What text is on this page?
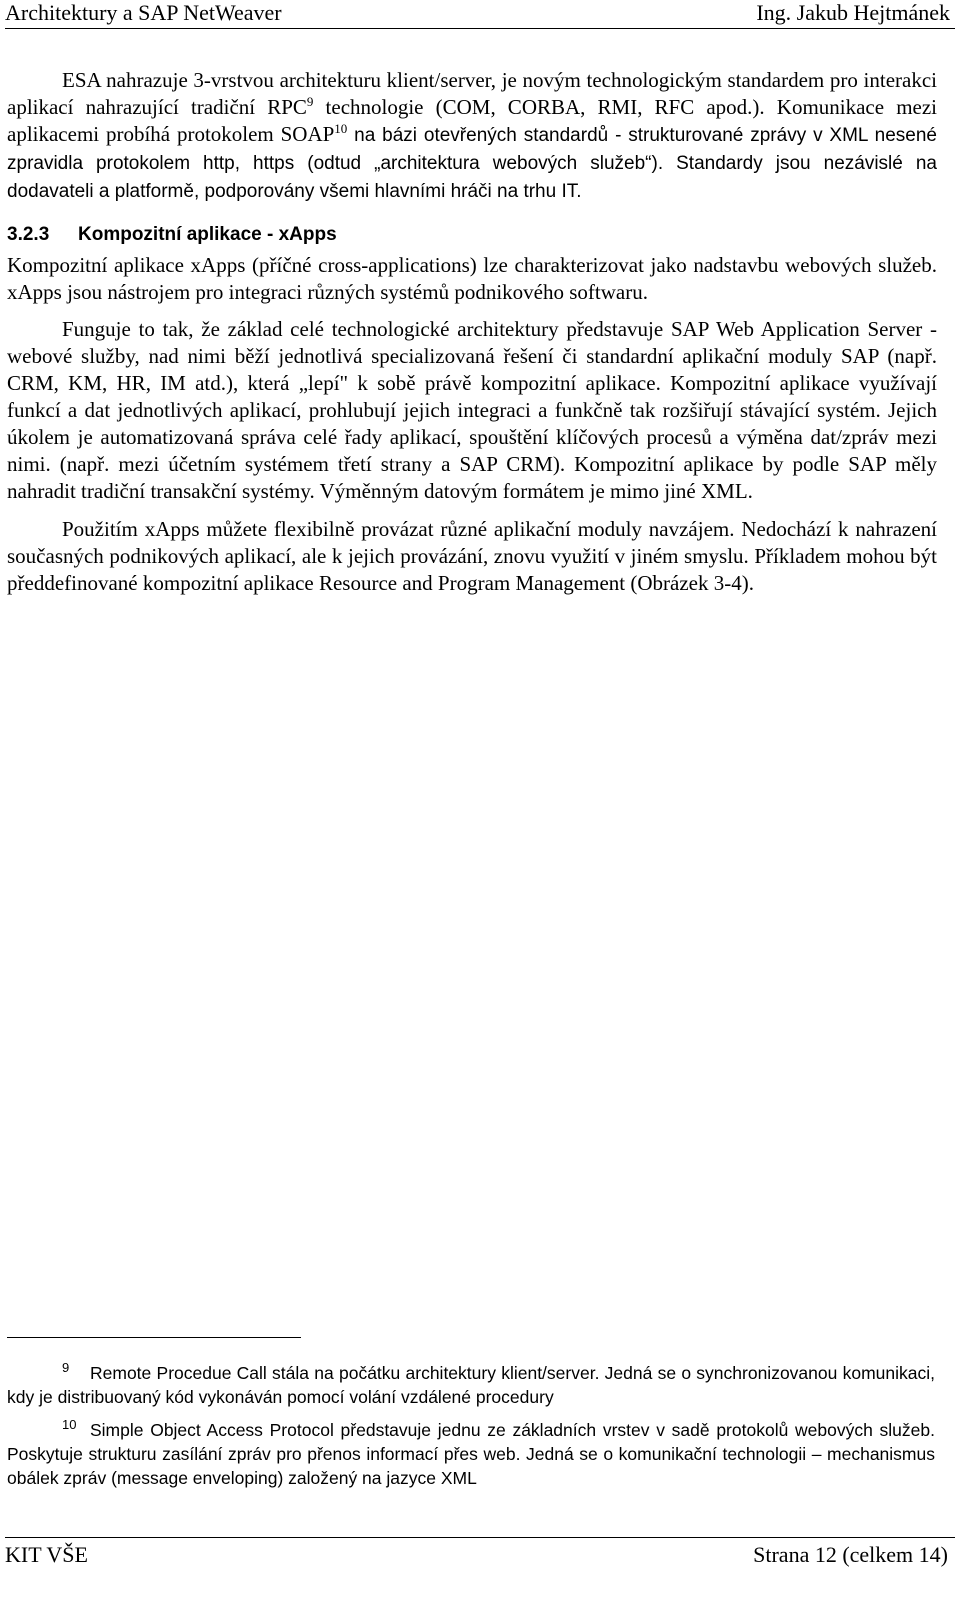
Architektury a SAP NetWeaver	Ing. Jakub Hejtmánek

ESA nahrazuje 3-vrstvou architekturu klient/server, je novým technologickým standardem pro interakci aplikací nahrazující tradiční RPC$^9$ technologie (COM, CORBA, RMI, RFC apod.). Komunikace mezi aplikacemi probíhá protokolem SOAP$^{10}$ na bázi otevřených standardů - strukturované zprávy v XML nesené zpravidla protokolem http, https (odtud „architektura webových služeb“). Standardy jsou nezávislé na dodavateli a platformě, podporovány všemi hlavními hráči na trhu IT.

3.2.3 Kompozitní aplikace - xApps

Kompozitní aplikace xApps (příčné cross-applications) lze charakterizovat jako nadstavbu webových služeb. xApps jsou nástrojem pro integraci různých systémů podnikového softwaru.

Funguje to tak, že základ celé technologické architektury představuje SAP Web Application Server - webové služby, nad nimi běží jednotlivá specializovaná řešení či standardní aplikační moduly SAP (např. CRM, KM, HR, IM atd.), která „lepí" k sobě právě kompozitní aplikace. Kompozitní aplikace využívají funkcí a dat jednotlivých aplikací, prohlubují jejich integraci a funkčně tak rozšiřují stávající systém. Jejich úkolem je automatizovaná správa celé řady aplikací, spouštění klíčových procesů a výměna dat/zpráv mezi nimi. (např. mezi účetním systémem třetí strany a SAP CRM). Kompozitní aplikace by podle SAP měly nahradit tradiční transakční systémy. Výměnným datovým formátem je mimo jiné XML.

Použitím xApps můžete flexibilně provázat různé aplikační moduly navzájem. Nedochází k nahrazení současných podnikových aplikací, ale k jejich provázání, znovu využití v jiném smyslu. Příkladem mohou být předdefinované kompozitní aplikace Resource and Program Management (Obrázek 3-4).

$^9$ Remote Procedue Call stála na počátku architektury klient/server. Jedná se o synchronizovanou komunikaci, kdy je distribuovaný kód vykonáván pomocí volání vzdálené procedury

$^{10}$ Simple Object Access Protocol představuje jednu ze základních vrstev v sadě protokolů webových služeb. Poskytuje strukturu zasílání zpráv pro přenos informací přes web. Jedná se o komunikační technologii – mechanismus obálek zpráv (message enveloping) založený na jazyce XML

KIT VŠE	Strana 12 (celkem 14)
